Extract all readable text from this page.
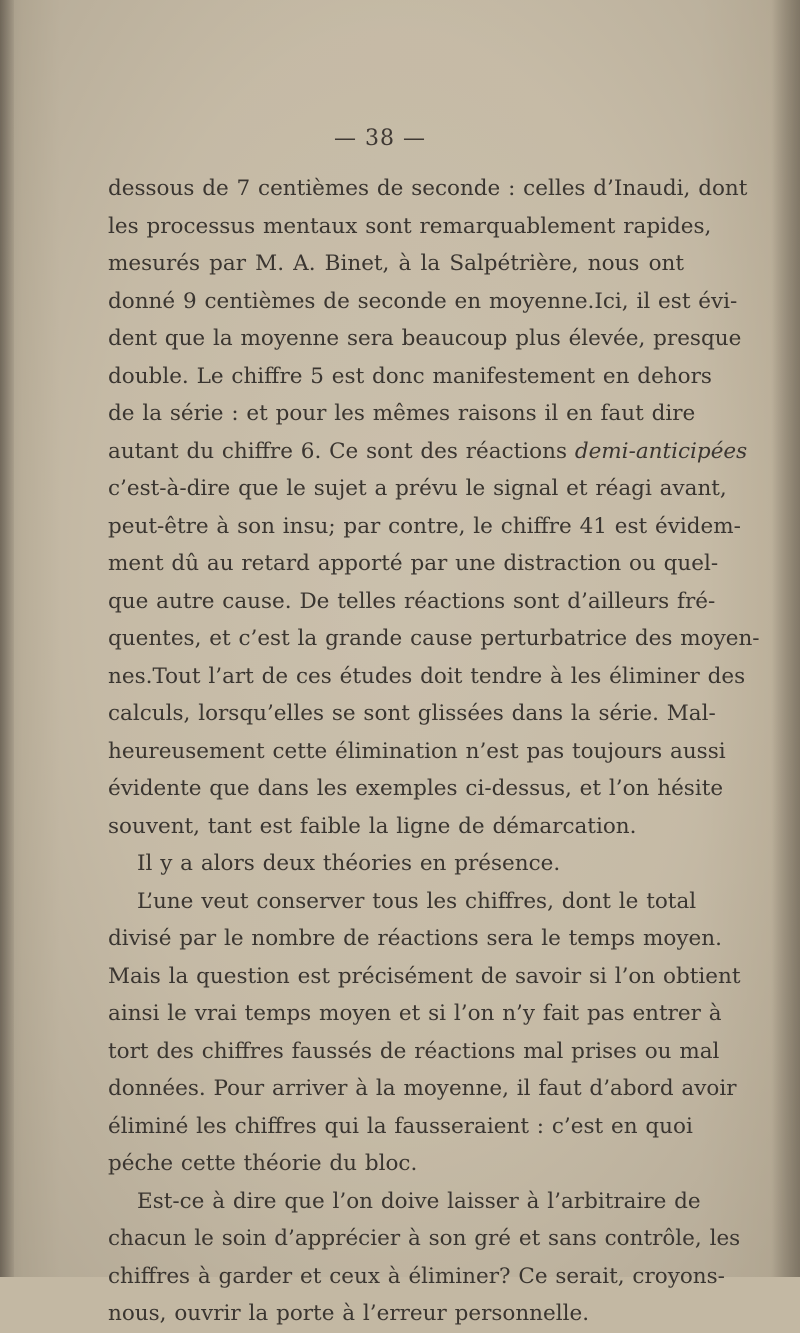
— 38 —
dessous de 7 centièmes de seconde : celles d’Inaudi, dont
les processus mentaux sont remarquablement rapides,
mesurés par M. A. Binet, à la Salpétrière, nous ont
donné 9 centièmes de seconde en moyenne.Ici, il est évi-
dent que la moyenne sera beaucoup plus élevée, presque
double. Le chiffre 5 est donc manifestement en dehors
de la série : et pour les mêmes raisons il en faut dire
autant du chiffre 6. Ce sont des réactions demi-anticipées
c’est-à-dire que le sujet a prévu le signal et réagi avant,
peut-être à son insu; par contre, le chiffre 41 est évidem-
ment dû au retard apporté par une distraction ou quel-
que autre cause. De telles réactions sont d’ailleurs fré-
quentes, et c’est la grande cause perturbatrice des moyen-
nes.Tout l’art de ces études doit tendre à les éliminer des
calculs, lorsqu’elles se sont glissées dans la série. Mal-
heureusement cette élimination n’est pas toujours aussi
évidente que dans les exemples ci-dessus, et l’on hésite
souvent, tant est faible la ligne de démarcation.
Il y a alors deux théories en présence.
L’une veut conserver tous les chiffres, dont le total
divisé par le nombre de réactions sera le temps moyen.
Mais la question est précisément de savoir si l’on obtient
ainsi le vrai temps moyen et si l’on n’y fait pas entrer à
tort des chiffres faussés de réactions mal prises ou mal
données. Pour arriver à la moyenne, il faut d’abord avoir
éliminé les chiffres qui la fausseraient : c’est en quoi
péche cette théorie du bloc.
Est-ce à dire que l’on doive laisser à l’arbitraire de
chacun le soin d’apprécier à son gré et sans contrôle, les
chiffres à garder et ceux à éliminer? Ce serait, croyons-
nous, ouvrir la porte à l’erreur personnelle.
